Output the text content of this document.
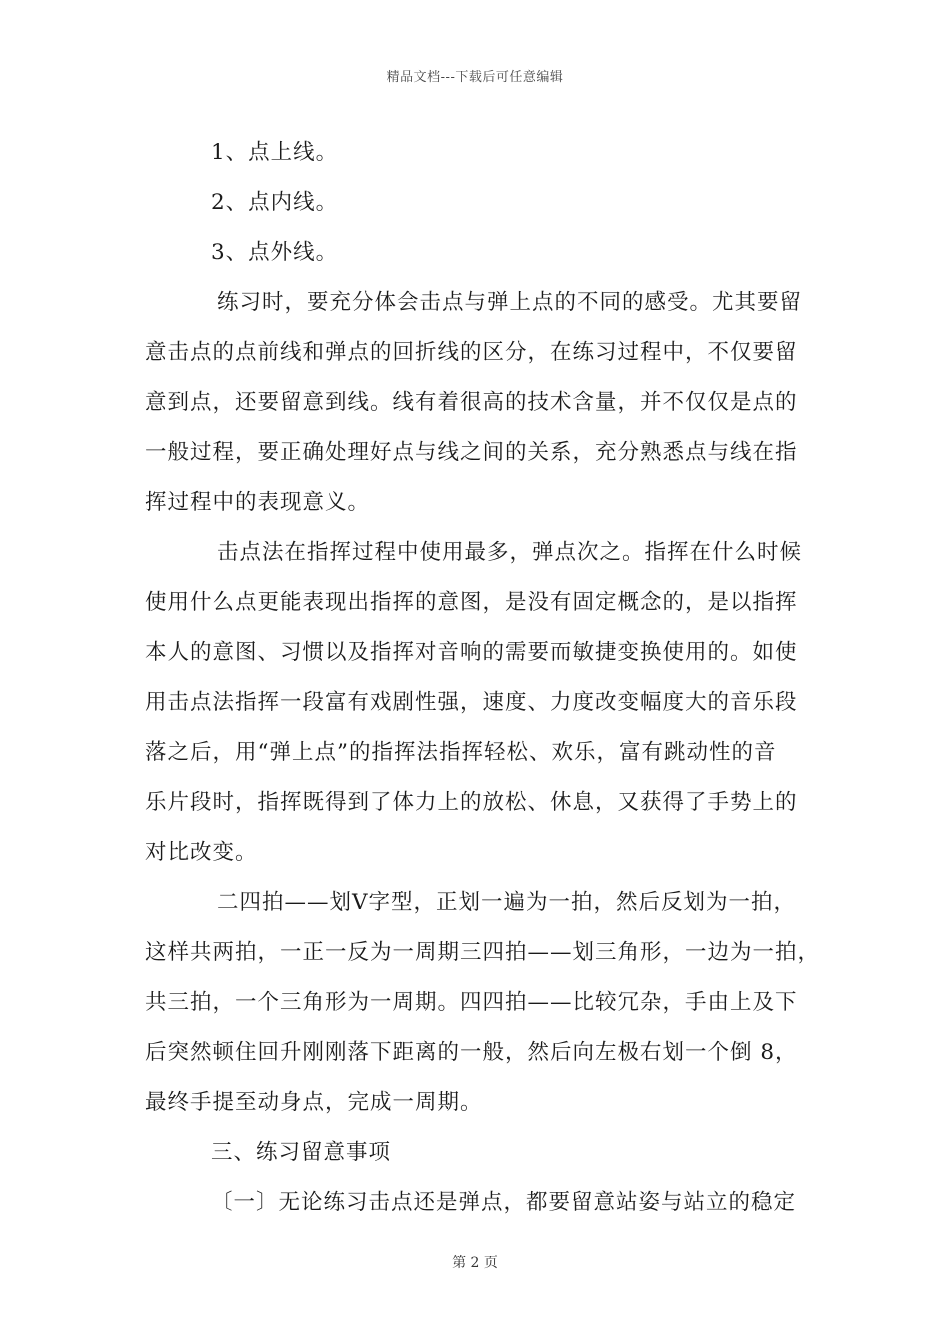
精品文档---下载后可任意编辑
1、点上线。
2、点内线。
3、点外线。
练习时，要充分体会击点与弹上点的不同的感受。尤其要留
意击点的点前线和弹点的回折线的区分，在练习过程中，不仅要留
意到点，还要留意到线。线有着很高的技术含量，并不仅仅是点的
一般过程，要正确处理好点与线之间的关系，充分熟悉点与线在指
挥过程中的表现意义。
击点法在指挥过程中使用最多，弹点次之。指挥在什么时候
使用什么点更能表现出指挥的意图，是没有固定概念的，是以指挥
本人的意图、习惯以及指挥对音响的需要而敏捷变换使用的。如使
用击点法指挥一段富有戏剧性强，速度、力度改变幅度大的音乐段
落之后，用“弹上点”的指挥法指挥轻松、欢乐，富有跳动性的音
乐片段时，指挥既得到了体力上的放松、休息，又获得了手势上的
对比改变。
二四拍——划Ⅴ字型，正划一遍为一拍，然后反划为一拍，
这样共两拍，一正一反为一周期三四拍——划三角形，一边为一拍，
共三拍，一个三角形为一周期。四四拍——比较冗杂，手由上及下
后突然顿住回升刚刚落下距离的一般，然后向左极右划一个倒 8，
最终手提至动身点，完成一周期。
三、练习留意事项
〔一〕无论练习击点还是弹点，都要留意站姿与站立的稳定
第 2 页
